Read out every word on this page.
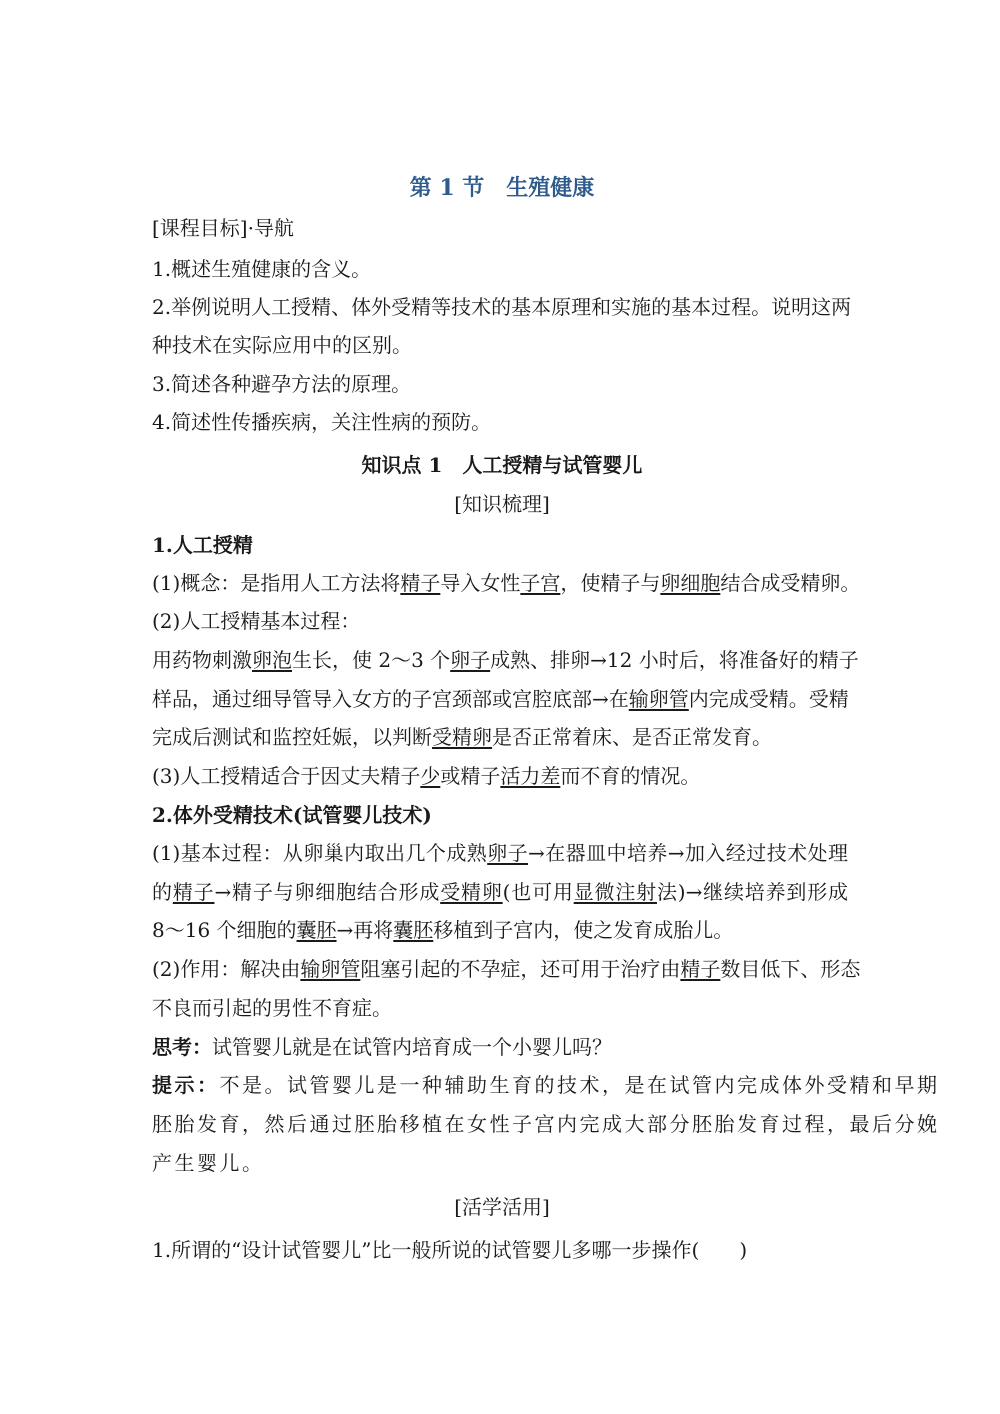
第 1 节　生殖健康
[课程目标]·导航
1.概述生殖健康的含义。
2.举例说明人工授精、体外受精等技术的基本原理和实施的基本过程。说明这两
种技术在实际应用中的区别。
3.简述各种避孕方法的原理。
4.简述性传播疾病，关注性病的预防。
知识点 1　人工授精与试管婴儿
[知识梳理]
1.人工授精
(1)概念：是指用人工方法将精子导入女性子宫，使精子与卵细胞结合成受精卵。
(2)人工授精基本过程：
用药物刺激卵泡生长，使 2～3 个卵子成熟、排卵→12 小时后，将准备好的精子
样品，通过细导管导入女方的子宫颈部或宫腔底部→在输卵管内完成受精。受精
完成后测试和监控妊娠，以判断受精卵是否正常着床、是否正常发育。
(3)人工授精适合于因丈夫精子少或精子活力差而不育的情况。
2.体外受精技术(试管婴儿技术)
(1)基本过程：从卵巢内取出几个成熟卵子→在器皿中培养→加入经过技术处理
的精子→精子与卵细胞结合形成受精卵(也可用显微注射法)→继续培养到形成
8～16 个细胞的囊胚→再将囊胚移植到子宫内，使之发育成胎儿。
(2)作用：解决由输卵管阻塞引起的不孕症，还可用于治疗由精子数目低下、形态
不良而引起的男性不育症。
思考：试管婴儿就是在试管内培育成一个小婴儿吗？
提示：不是。试管婴儿是一种辅助生育的技术，是在试管内完成体外受精和早期
胚胎发育，然后通过胚胎移植在女性子宫内完成大部分胚胎发育过程，最后分娩
产生婴儿。
[活学活用]
1.所谓的“设计试管婴儿”比一般所说的试管婴儿多哪一步操作(　　)
